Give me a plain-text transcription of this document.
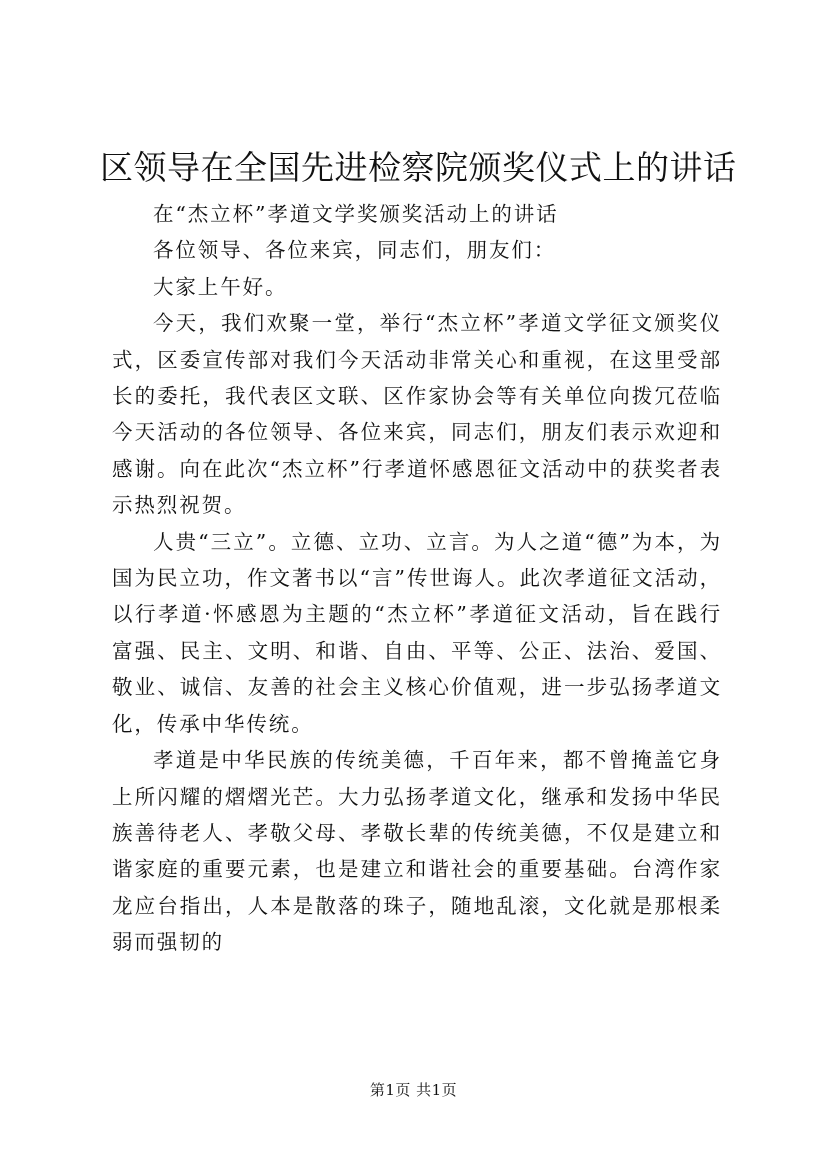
区领导在全国先进检察院颁奖仪式上的讲话

在“杰立杯”孝道文学奖颁奖活动上的讲话

各位领导、各位来宾，同志们，朋友们：

大家上午好。

今天，我们欢聚一堂，举行“杰立杯”孝道文学征文颁奖仪式，区委宣传部对我们今天活动非常关心和重视，在这里受部长的委托，我代表区文联、区作家协会等有关单位向拨冗莅临今天活动的各位领导、各位来宾，同志们，朋友们表示欢迎和感谢。向在此次“杰立杯”行孝道怀感恩征文活动中的获奖者表示热烈祝贺。

人贵“三立”。立德、立功、立言。为人之道“德”为本，为国为民立功，作文著书以“言”传世诲人。此次孝道征文活动，以行孝道·怀感恩为主题的“杰立杯”孝道征文活动，旨在践行富强、民主、文明、和谐、自由、平等、公正、法治、爱国、敬业、诚信、友善的社会主义核心价值观，进一步弘扬孝道文化，传承中华传统。

孝道是中华民族的传统美德，千百年来，都不曾掩盖它身上所闪耀的熠熠光芒。大力弘扬孝道文化，继承和发扬中华民族善待老人、孝敬父母、孝敬长辈的传统美德，不仅是建立和谐家庭的重要元素，也是建立和谐社会的重要基础。台湾作家龙应台指出，人本是散落的珠子，随地乱滚，文化就是那根柔弱而强韧的

第1页 共1页
